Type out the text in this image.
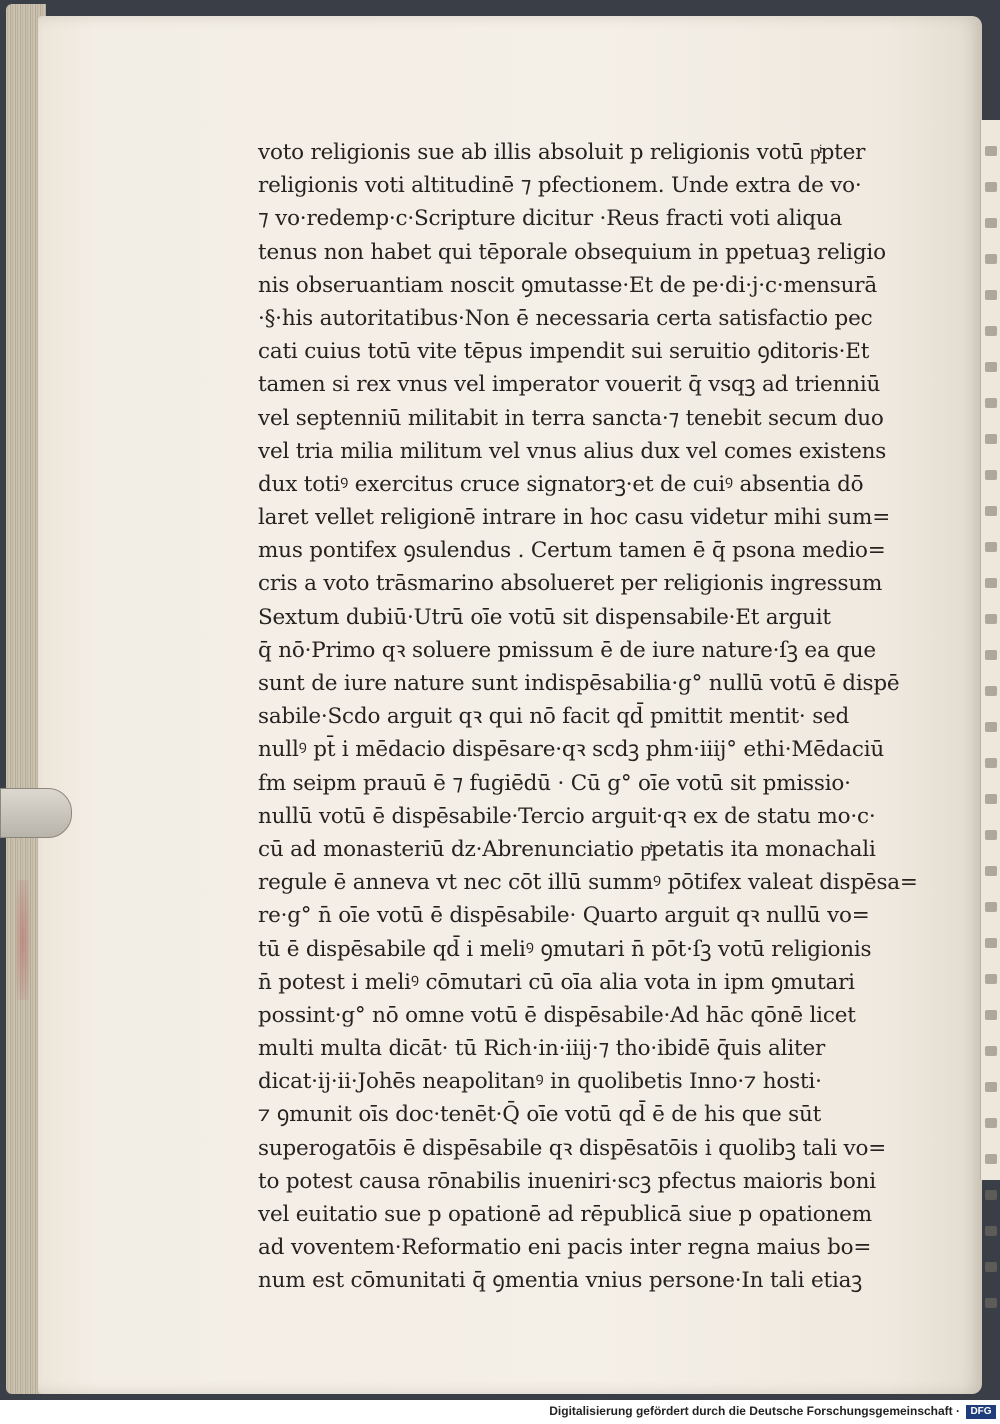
voto religionis sue ab illis absoluit p religionis votū pͥpter
religionis voti altitudinē ⁊ pfectionem. Unde extra de vo·
⁊ vo·redemp·c·Scripture dicitur ·Reus fracti voti aliqua
tenus non habet qui tēporale obsequium in ppetuaꝫ religio
nis obseruantiam noscit ꝯmutasse·Et de pe·di·j·c·mensurā
·§·his autoritatibus·Non ē necessaria certa satisfactio pec
cati cuius totū vite tēpus impendit sui seruitio ꝯditoris·Et
tamen si rex vnus vel imperator vouerit q̄ vsqꝫ ad trienniū
vel septenniū militabit in terra sancta·⁊ tenebit secum duo
vel tria milia militum vel vnus alius dux vel comes existens
dux totiꝰ exercitus cruce signatorꝫ·et de cuiꝰ absentia dō
laret vellet religionē intrare in hoc casu videtur mihi sum=
mus pontifex ꝯsulendus . Certum tamen ē q̄ psona medio=
cris a voto trāsmarino absolueret per religionis ingressum
Sextum dubiū·Utrū oīe votū sit dispensabile·Et arguit
q̄ nō·Primo qꝛ soluere pmissum ē de iure nature·ſꝫ ea que
sunt de iure nature sunt indispēsabilia·g° nullū votū ē dispē
sabile·Scdo arguit qꝛ qui nō facit qd̄ pmittit mentit· sed
nullꝰ pt̄ i mēdacio dispēsare·qꝛ scdꝫ phm·iiij° ethi·Mēdaciū
fm seipm prauū ē ⁊ fugiēdū · Cū g° oīe votū sit pmissio·
nullū votū ē dispēsabile·Tercio arguit·qꝛ ex de statu mo·c·
cū ad monasteriū dz·Abrenunciatio pͥpetatis ita monachali
regule ē anneva vt nec cōt illū summꝰ pōtifex valeat dispēsa=
re·g° n̄ oīe votū ē dispēsabile· Quarto arguit qꝛ nullū vo=
tū ē dispēsabile qd̄ i meliꝰ ꝯmutari n̄ pōt·ſꝫ votū religionis
n̄ potest i meliꝰ cōmutari cū oīa alia vota in ipm ꝯmutari
possint·g° nō omne votū ē dispēsabile·Ad hāc qōnē licet
multi multa dicāt· tū Rich·in·iiij·⁊ tho·ibidē q̄uis aliter
dicat·ij·ii·Johēs neapolitanꝰ in quolibetis Inno·⁊ hosti·
⁊ ꝯmunit oīs doc·tenēt·Q̄ oīe votū qd̄ ē de his que sūt
superogatōis ē dispēsabile qꝛ dispēsatōis i quolibꝫ tali vo=
to potest causa rōnabilis inueniri·scꝫ pfectus maioris boni
vel euitatio sue p opationē ad rēpublicā siue p opationem
ad voventem·Reformatio eni pacis inter regna maius bo=
num est cōmunitati q̄ ꝯmentia vnius persone·In tali etiaꝫ
Digitalisierung gefördert durch die Deutsche Forschungsgemeinschaft ·	DFG
